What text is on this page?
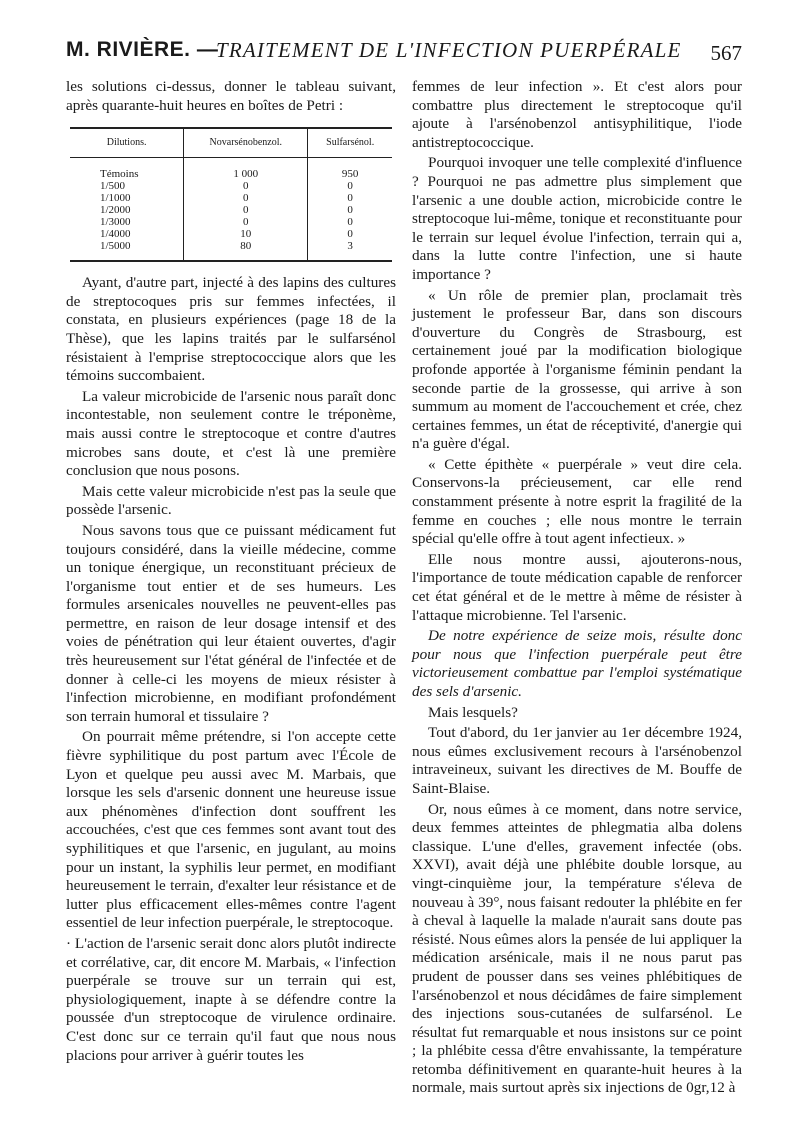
M. RIVIÈRE. —
TRAITEMENT DE L'INFECTION PUERPÉRALE 567

les solutions ci-dessus, donner le tableau suivant, après quarante-huit heures en boîtes de Petri :

Dilutions.	Novarsénobenzol.	Sulfarsénol.
Témoins	1 000	950
1/500	0	0
1/1000	0	0
1/2000	0	0
1/3000	0	0
1/4000	10	0
1/5000	80	3

Ayant, d'autre part, injecté à des lapins des cultures de streptocoques pris sur femmes infectées, il constata, en plusieurs expériences (page 18 de la Thèse), que les lapins traités par le sulfarsénol résistaient à l'emprise streptococcique alors que les témoins succombaient.

La valeur microbicide de l'arsenic nous paraît donc incontestable, non seulement contre le tréponème, mais aussi contre le streptocoque et contre d'autres microbes sans doute, et c'est là une première conclusion que nous posons.

Mais cette valeur microbicide n'est pas la seule que possède l'arsenic.

Nous savons tous que ce puissant médicament fut toujours considéré, dans la vieille médecine, comme un tonique énergique, un reconstituant précieux de l'organisme tout entier et de ses humeurs. Les formules arsenicales nouvelles ne peuvent-elles pas permettre, en raison de leur dosage intensif et des voies de pénétration qui leur étaient ouvertes, d'agir très heureusement sur l'état général de l'infectée et de donner à celle-ci les moyens de mieux résister à l'infection microbienne, en modifiant profondément son terrain humoral et tissulaire ?

On pourrait même prétendre, si l'on accepte cette fièvre syphilitique du post partum avec l'École de Lyon et quelque peu aussi avec M. Marbais, que lorsque les sels d'arsenic donnent une heureuse issue aux phénomènes d'infection dont souffrent les accouchées, c'est que ces femmes sont avant tout des syphilitiques et que l'arsenic, en jugulant, au moins pour un instant, la syphilis leur permet, en modifiant heureusement le terrain, d'exalter leur résistance et de lutter plus efficacement elles-mêmes contre l'agent essentiel de leur infection puerpérale, le streptocoque.

· L'action de l'arsenic serait donc alors plutôt indirecte et corrélative, car, dit encore M. Marbais, « l'infection puerpérale se trouve sur un terrain qui est, physiologiquement, inapte à se défendre contre la poussée d'un streptocoque de virulence ordinaire. C'est donc sur ce terrain qu'il faut que nous nous placions pour arriver à guérir toutes les

femmes de leur infection ». Et c'est alors pour combattre plus directement le streptocoque qu'il ajoute à l'arsénobenzol antisyphilitique, l'iode antistreptococcique.

Pourquoi invoquer une telle complexité d'influence ? Pourquoi ne pas admettre plus simplement que l'arsenic a une double action, microbicide contre le streptocoque lui-même, tonique et reconstituante pour le terrain sur lequel évolue l'infection, terrain qui a, dans la lutte contre l'infection, une si haute importance ?

« Un rôle de premier plan, proclamait très justement le professeur Bar, dans son discours d'ouverture du Congrès de Strasbourg, est certainement joué par la modification biologique profonde apportée à l'organisme féminin pendant la seconde partie de la grossesse, qui arrive à son summum au moment de l'accouchement et crée, chez certaines femmes, un état de réceptivité, d'anergie qui n'a guère d'égal.

« Cette épithète « puerpérale » veut dire cela. Conservons-la précieusement, car elle rend constamment présente à notre esprit la fragilité de la femme en couches ; elle nous montre le terrain spécial qu'elle offre à tout agent infectieux. »

Elle nous montre aussi, ajouterons-nous, l'importance de toute médication capable de renforcer cet état général et de le mettre à même de résister à l'attaque microbienne. Tel l'arsenic.

De notre expérience de seize mois, résulte donc pour nous que l'infection puerpérale peut être victorieusement combattue par l'emploi systématique des sels d'arsenic.

Mais lesquels?

Tout d'abord, du 1er janvier au 1er décembre 1924, nous eûmes exclusivement recours à l'arsénobenzol intraveineux, suivant les directives de M. Bouffe de Saint-Blaise.

Or, nous eûmes à ce moment, dans notre service, deux femmes atteintes de phlegmatia alba dolens classique. L'une d'elles, gravement infectée (obs. XXVI), avait déjà une phlébite double lorsque, au vingt-cinquième jour, la température s'éleva de nouveau à 39°, nous faisant redouter la phlébite en fer à cheval à laquelle la malade n'aurait sans doute pas résisté. Nous eûmes alors la pensée de lui appliquer la médication arsénicale, mais il ne nous parut pas prudent de pousser dans ses veines phlébitiques de l'arsénobenzol et nous décidâmes de faire simplement des injections sous-cutanées de sulfarsénol. Le résultat fut remarquable et nous insistons sur ce point ; la phlébite cessa d'être envahissante, la température retomba définitivement en quarante-huit heures à la normale, mais surtout après six injections de 0gr,12 à
